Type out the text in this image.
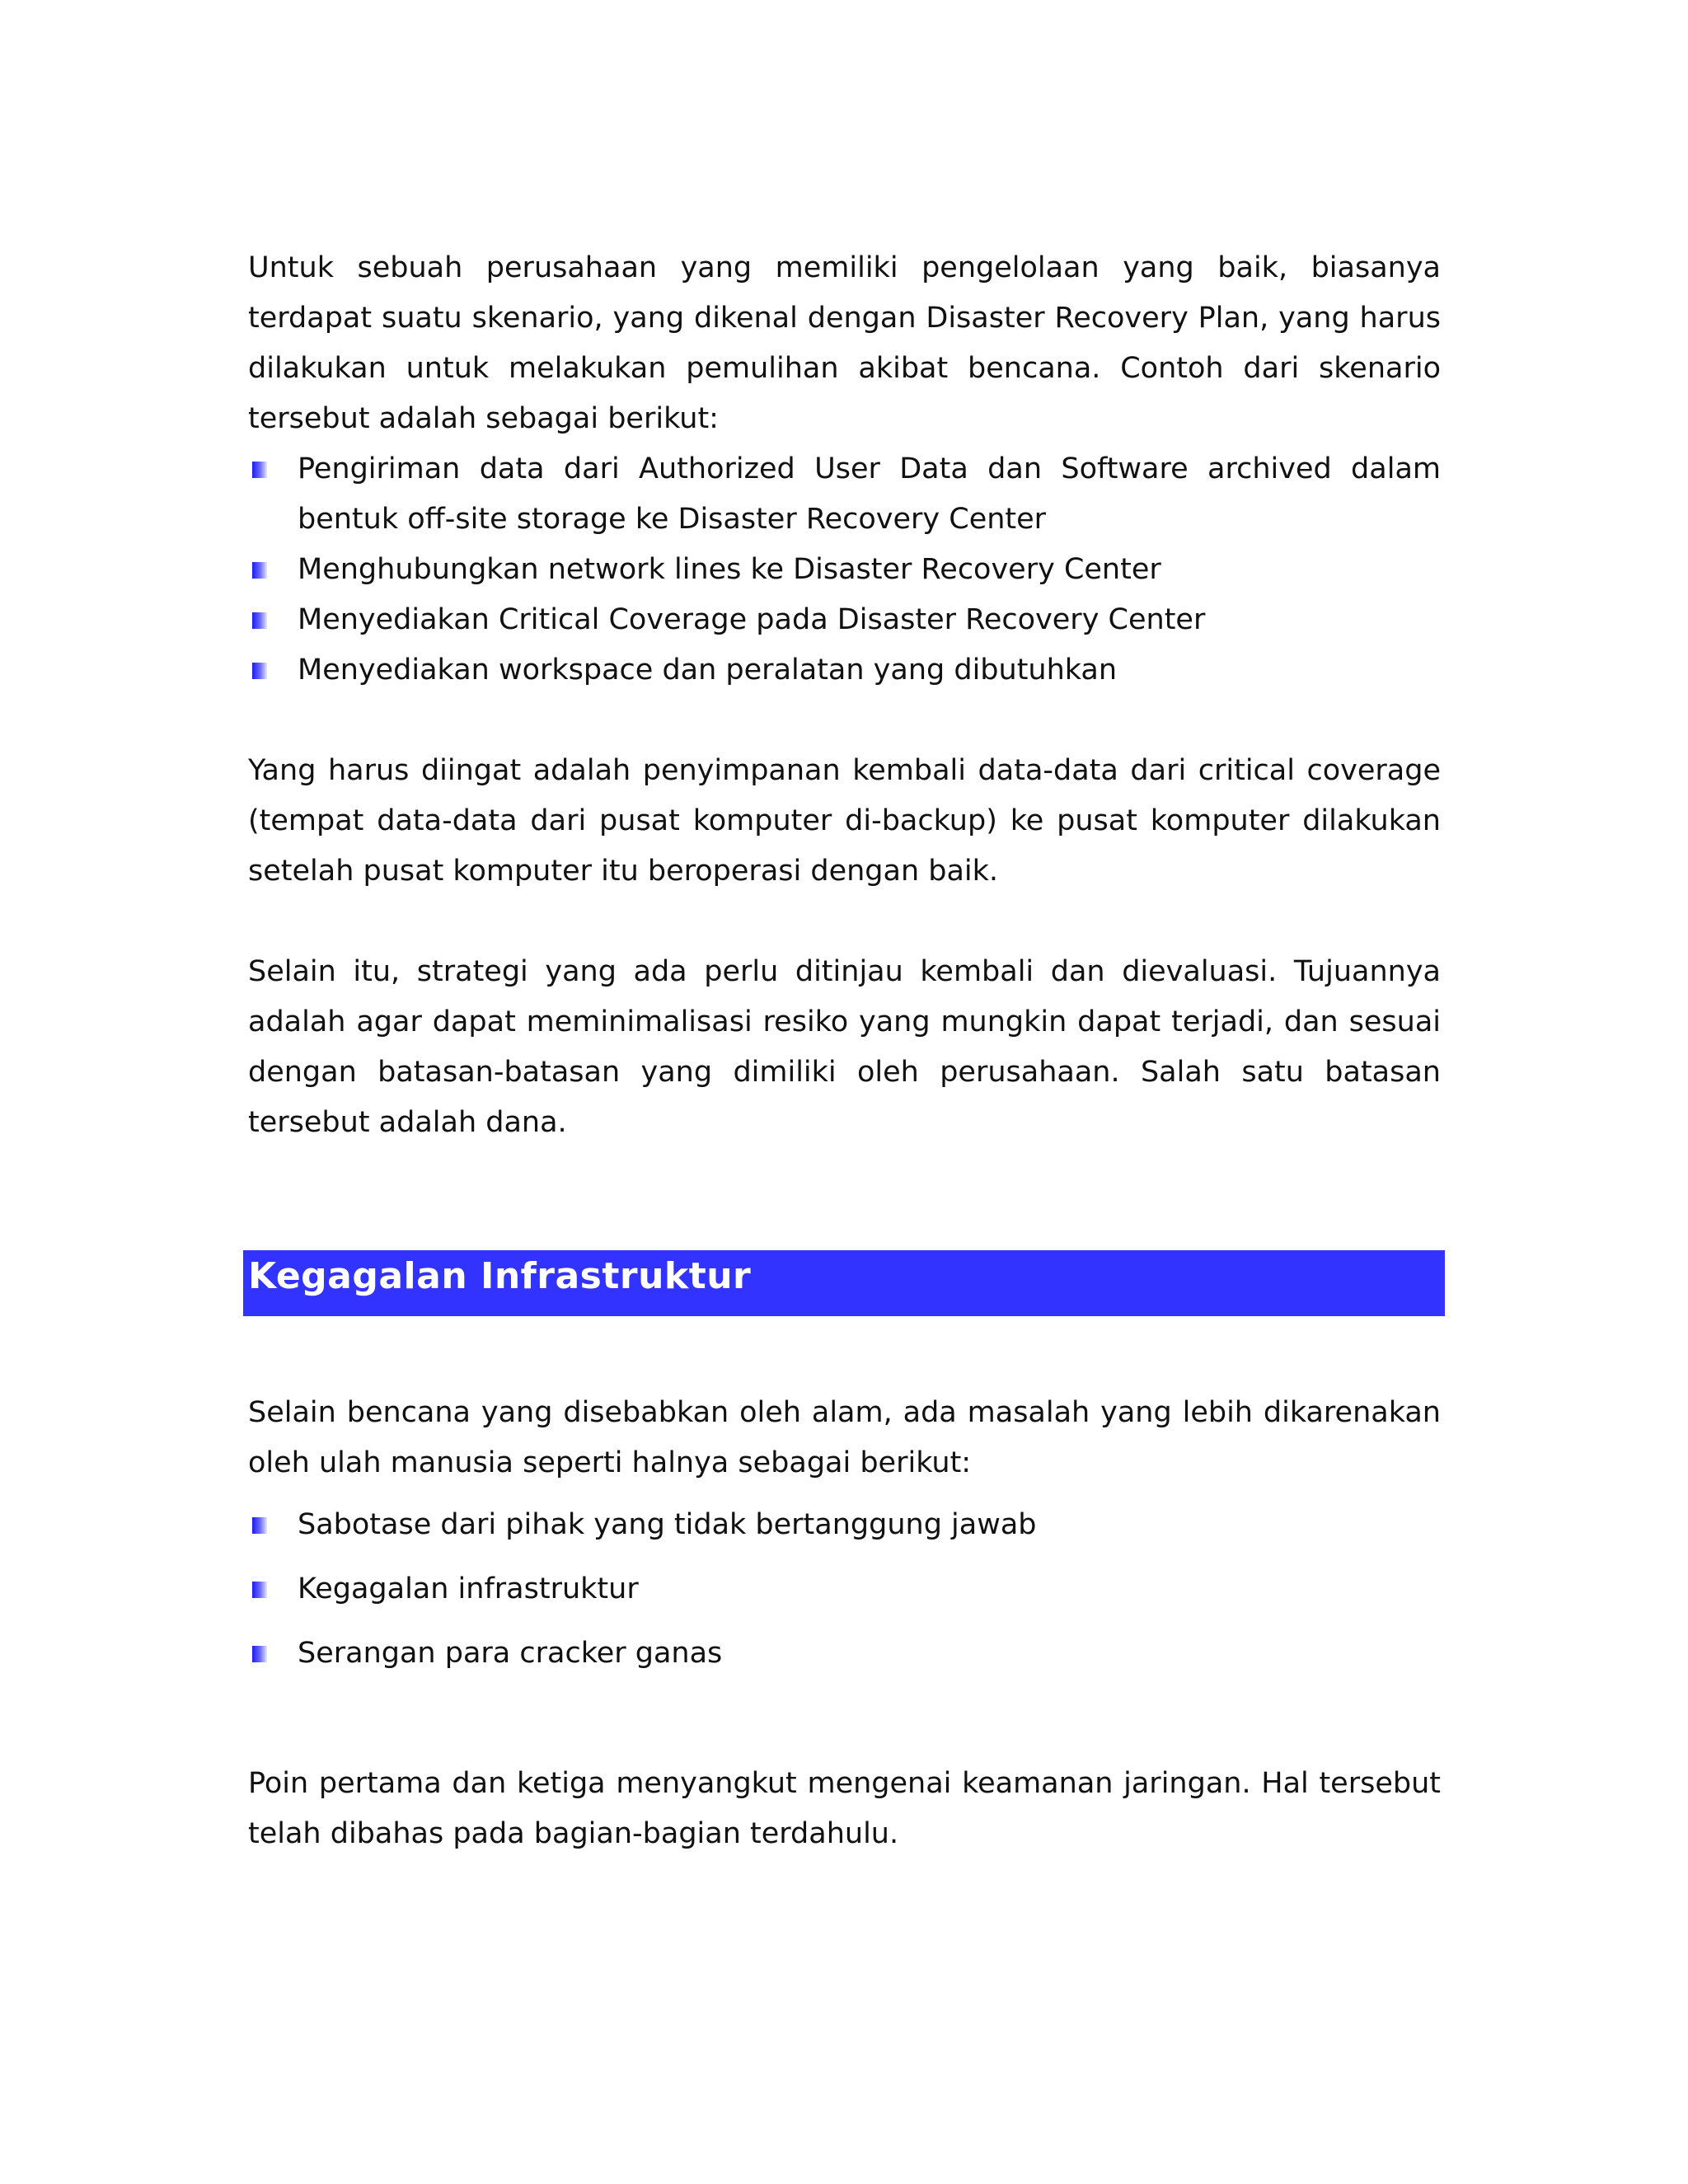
Untuk sebuah perusahaan yang memiliki pengelolaan yang baik, biasanya terdapat suatu skenario, yang dikenal dengan Disaster Recovery Plan, yang harus dilakukan untuk melakukan pemulihan akibat bencana. Contoh dari skenario tersebut adalah sebagai berikut:

Pengiriman data dari Authorized User Data dan Software archived dalam bentuk off-site storage ke Disaster Recovery Center
Menghubungkan network lines ke Disaster Recovery Center
Menyediakan Critical Coverage pada Disaster Recovery Center
Menyediakan workspace dan peralatan yang dibutuhkan

Yang harus diingat adalah penyimpanan kembali data-data dari critical coverage (tempat data-data dari pusat komputer di-backup) ke pusat komputer dilakukan setelah pusat komputer itu beroperasi dengan baik.

Selain itu, strategi yang ada perlu ditinjau kembali dan dievaluasi. Tujuannya adalah agar dapat meminimalisasi resiko yang mungkin dapat terjadi, dan sesuai dengan batasan-batasan yang dimiliki oleh perusahaan. Salah satu batasan tersebut adalah dana.

Kegagalan Infrastruktur

Selain bencana yang disebabkan oleh alam, ada masalah yang lebih dikarenakan oleh ulah manusia seperti halnya sebagai berikut:

Sabotase dari pihak yang tidak bertanggung jawab
Kegagalan infrastruktur
Serangan para cracker ganas

Poin pertama dan ketiga menyangkut mengenai keamanan jaringan. Hal tersebut telah dibahas pada bagian-bagian terdahulu.
